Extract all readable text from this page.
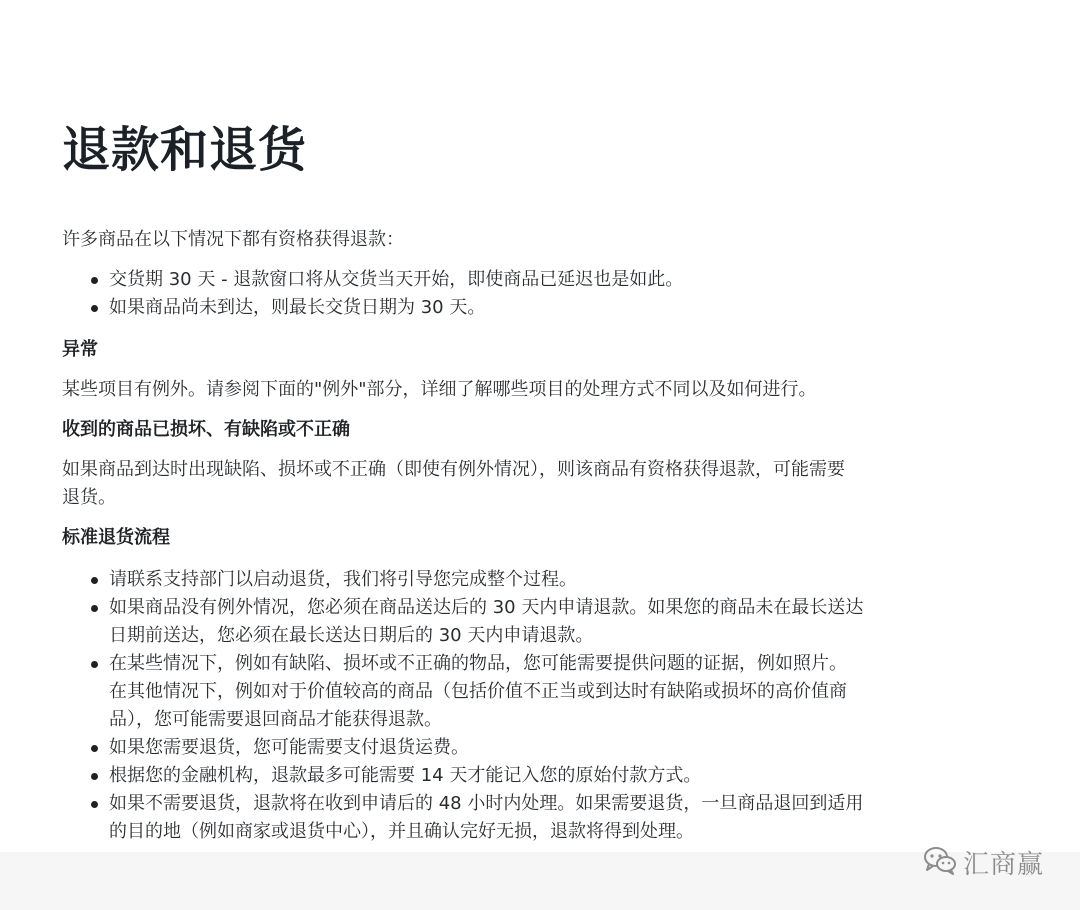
退款和退货
许多商品在以下情况下都有资格获得退款：
交货期 30 天 - 退款窗口将从交货当天开始，即使商品已延迟也是如此。
如果商品尚未到达，则最长交货日期为 30 天。
异常
某些项目有例外。请参阅下面的"例外"部分，详细了解哪些项目的处理方式不同以及如何进行。
收到的商品已损坏、有缺陷或不正确
如果商品到达时出现缺陷、损坏或不正确（即使有例外情况），则该商品有资格获得退款，可能需要
退货。
标准退货流程
请联系支持部门以启动退货，我们将引导您完成整个过程。
如果商品没有例外情况，您必须在商品送达后的 30 天内申请退款。如果您的商品未在最长送达
日期前送达，您必须在最长送达日期后的 30 天内申请退款。
在某些情况下，例如有缺陷、损坏或不正确的物品，您可能需要提供问题的证据，例如照片。
在其他情况下，例如对于价值较高的商品（包括价值不正当或到达时有缺陷或损坏的高价值商
品），您可能需要退回商品才能获得退款。
如果您需要退货，您可能需要支付退货运费。
根据您的金融机构，退款最多可能需要 14 天才能记入您的原始付款方式。
如果不需要退货，退款将在收到申请后的 48 小时内处理。如果需要退货，一旦商品退回到适用
的目的地（例如商家或退货中心），并且确认完好无损，退款将得到处理。
汇商赢
